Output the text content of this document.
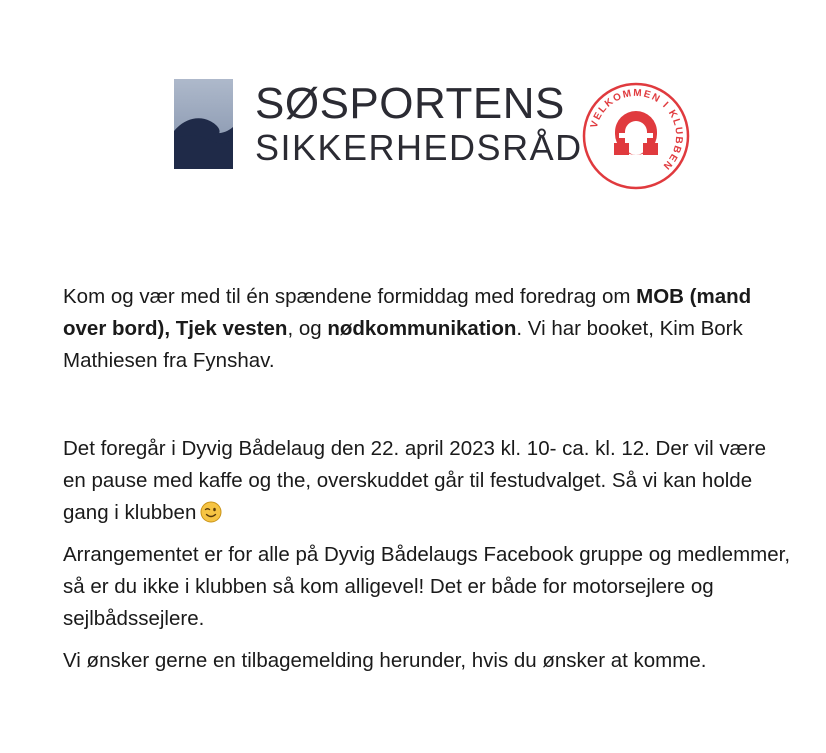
SØSPORTENS
SIKKERHEDSRÅD
VELKOMMEN I KLUBBEN

Kom og vær med til én spændene formiddag med foredrag om MOB (mand over bord), Tjek vesten, og nødkommunikation. Vi har booket, Kim Bork Mathiesen fra Fynshav.

Det foregår i Dyvig Bådelaug den 22. april 2023 kl. 10- ca. kl. 12. Der vil være en pause med kaffe og the, overskuddet går til festudvalget. Så vi kan holde gang i klubben

Arrangementet er for alle på Dyvig Bådelaugs Facebook gruppe og medlemmer, så er du ikke i klubben så kom alligevel! Det er både for motorsejlere og sejlbådssejlere.

Vi ønsker gerne en tilbagemelding herunder, hvis du ønsker at komme.
